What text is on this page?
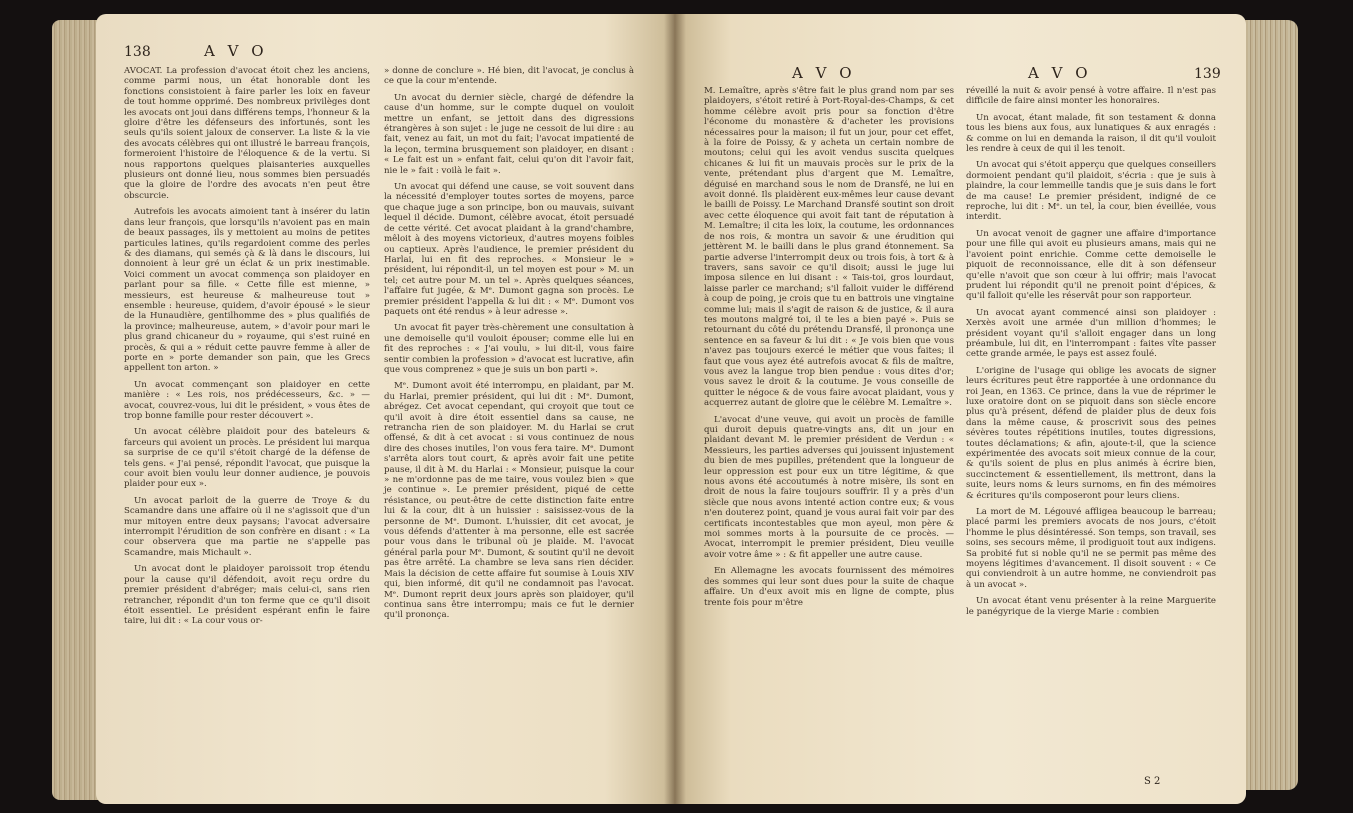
138	A V O

AVOCAT. La profession d'avocat étoit chez les anciens, comme parmi nous, un état honorable dont les fonctions consistoient à faire parler les loix en faveur de tout homme opprimé. Des nombreux privilèges dont les avocats ont joui dans différens temps, l'honneur & la gloire d'être les défenseurs des infortunés, sont les seuls qu'ils soient jaloux de conserver. La liste & la vie des avocats célèbres qui ont illustré le barreau françois, formeroient l'histoire de l'éloquence & de la vertu. Si nous rapportons quelques plaisanteries auxquelles plusieurs ont donné lieu, nous sommes bien persuadés que la gloire de l'ordre des avocats n'en peut être obscurcie.

Autrefois les avocats aimoient tant à insérer du latin dans leur françois, que lorsqu'ils n'avoient pas en main de beaux passages, ils y mettoient au moins de petites particules latines, qu'ils regardoient comme des perles & des diamans, qui semés çà & là dans le discours, lui donnoient à leur gré un éclat & un prix inestimable. Voici comment un avocat commença son plaidoyer en parlant pour sa fille. « Cette fille est mienne, » messieurs, est heureuse & malheureuse tout » ensemble : heureuse, quidem, d'avoir épousé » le sieur de la Hunaudière, gentilhomme des » plus qualifiés de la province; malheureuse, autem, » d'avoir pour mari le plus grand chicaneur du » royaume, qui s'est ruiné en procès, & qui a » réduit cette pauvre femme à aller de porte en » porte demander son pain, que les Grecs appellent ton arton. »

Un avocat commençant son plaidoyer en cette manière : « Les rois, nos prédécesseurs, &c. » — avocat, couvrez-vous, lui dit le président, » vous êtes de trop bonne famille pour rester découvert ».

Un avocat célèbre plaidoit pour des bateleurs & farceurs qui avoient un procès. Le président lui marqua sa surprise de ce qu'il s'étoit chargé de la défense de tels gens. « J'ai pensé, répondit l'avocat, que puisque la cour avoit bien voulu leur donner audience, je pouvois plaider pour eux ».

Un avocat parloit de la guerre de Troye & du Scamandre dans une affaire où il ne s'agissoit que d'un mur mitoyen entre deux paysans; l'avocat adversaire interrompit l'érudition de son confrère en disant : « La cour observera que ma partie ne s'appelle pas Scamandre, mais Michault ».

Un avocat dont le plaidoyer paroissoit trop étendu pour la cause qu'il défendoit, avoit reçu ordre du premier président d'abréger; mais celui-ci, sans rien retrancher, répondit d'un ton ferme que ce qu'il disoit étoit essentiel. Le président espérant enfin le faire taire, lui dit : « La cour vous or-

» donne de conclure ». Hé bien, dit l'avocat, je conclus à ce que la cour m'entende.

Un avocat du dernier siècle, chargé de défendre la cause d'un homme, sur le compte duquel on vouloit mettre un enfant, se jettoit dans des digressions étrangères à son sujet : le juge ne cessoit de lui dire : au fait, venez au fait, un mot du fait; l'avocat impatienté de la leçon, termina brusquement son plaidoyer, en disant : « Le fait est un » enfant fait, celui qu'on dit l'avoir fait, nie le » fait : voilà le fait ».

Un avocat qui défend une cause, se voit souvent dans la nécessité d'employer toutes sortes de moyens, parce que chaque juge a son principe, bon ou mauvais, suivant lequel il décide. Dumont, célèbre avocat, étoit persuadé de cette vérité. Cet avocat plaidant à la grand'chambre, mêloit à des moyens victorieux, d'autres moyens foibles ou captieux. Après l'audience, le premier président du Harlai, lui en fit des reproches. « Monsieur le » président, lui répondit-il, un tel moyen est pour » M. un tel; cet autre pour M. un tel ». Après quelques séances, l'affaire fut jugée, & Mᵉ. Dumont gagna son procès. Le premier président l'appella & lui dit : « Mᵉ. Dumont vos paquets ont été rendus » à leur adresse ».

Un avocat fit payer très-chèrement une consultation à une demoiselle qu'il vouloit épouser; comme elle lui en fit des reproches : « J'ai voulu, » lui dit-il, vous faire sentir combien la profession » d'avocat est lucrative, afin que vous comprenez » que je suis un bon parti ».

Mᵉ. Dumont avoit été interrompu, en plaidant, par M. du Harlai, premier président, qui lui dit : Mᵉ. Dumont, abrégez. Cet avocat cependant, qui croyoit que tout ce qu'il avoit à dire étoit essentiel dans sa cause, ne retrancha rien de son plaidoyer. M. du Harlai se crut offensé, & dit à cet avocat : si vous continuez de nous dire des choses inutiles, l'on vous fera taire. Mᵉ. Dumont s'arrêta alors tout court, & après avoir fait une petite pause, il dit à M. du Harlai : « Monsieur, puisque la cour » ne m'ordonne pas de me taire, vous voulez bien » que je continue ». Le premier président, piqué de cette résistance, ou peut-être de cette distinction faite entre lui & la cour, dit à un huissier : saisissez-vous de la personne de Mᵉ. Dumont. L'huissier, dit cet avocat, je vous défends d'attenter à ma personne, elle est sacrée pour vous dans le tribunal où je plaide. M. l'avocat général parla pour Mᵉ. Dumont, & soutint qu'il ne devoit pas être arrêté. La chambre se leva sans rien décider. Mais la décision de cette affaire fut soumise à Louis XIV qui, bien informé, dit qu'il ne condamnoit pas l'avocat. Mᵉ. Dumont reprit deux jours après son plaidoyer, qu'il continua sans être interrompu; mais ce fut le dernier qu'il prononça.

A V O	A V O	139

M. Lemaître, après s'être fait le plus grand nom par ses plaidoyers, s'étoit retiré à Port-Royal-des-Champs, & cet homme célèbre avoit pris pour sa fonction d'être l'économe du monastère & d'acheter les provisions nécessaires pour la maison; il fut un jour, pour cet effet, à la foire de Poissy, & y acheta un certain nombre de moutons; celui qui les avoit vendus suscita quelques chicanes & lui fit un mauvais procès sur le prix de la vente, prétendant plus d'argent que M. Lemaître, déguisé en marchand sous le nom de Dransfé, ne lui en avoit donné. Ils plaidèrent eux-mêmes leur cause devant le bailli de Poissy. Le Marchand Dransfé soutint son droit avec cette éloquence qui avoit fait tant de réputation à M. Lemaître; il cita les loix, la coutume, les ordonnances de nos rois, & montra un savoir & une érudition qui jettèrent M. le bailli dans le plus grand étonnement. Sa partie adverse l'interrompit deux ou trois fois, à tort & à travers, sans savoir ce qu'il disoit; aussi le juge lui imposa silence en lui disant : « Tais-toi, gros lourdaut, laisse parler ce marchand; s'il falloit vuider le différend à coup de poing, je crois que tu en battrois une vingtaine comme lui; mais il s'agit de raison & de justice, & il aura tes moutons malgré toi, il te les a bien payé ». Puis se retournant du côté du prétendu Dransfé, il prononça une sentence en sa faveur & lui dit : « Je vois bien que vous n'avez pas toujours exercé le métier que vous faites; il faut que vous ayez été autrefois avocat & fils de maître, vous avez la langue trop bien pendue : vous dites d'or; vous savez le droit & la coutume. Je vous conseille de quitter le négoce & de vous faire avocat plaidant, vous y acquerrez autant de gloire que le célèbre M. Lemaître ».

L'avocat d'une veuve, qui avoit un procès de famille qui duroit depuis quatre-vingts ans, dit un jour en plaidant devant M. le premier président de Verdun : « Messieurs, les parties adverses qui jouissent injustement du bien de mes pupilles, prétendent que la longueur de leur oppression est pour eux un titre légitime, & que nous avons été accoutumés à notre misère, ils sont en droit de nous la faire toujours souffrir. Il y a près d'un siècle que nous avons intenté action contre eux; & vous n'en douterez point, quand je vous aurai fait voir par des certificats incontestables que mon ayeul, mon père & moi sommes morts à la poursuite de ce procès. — Avocat, interrompit le premier président, Dieu veuille avoir votre âme » : & fit appeller une autre cause.

En Allemagne les avocats fournissent des mémoires des sommes qui leur sont dues pour la suite de chaque affaire. Un d'eux avoit mis en ligne de compte, plus trente fois pour m'être

réveillé la nuit & avoir pensé à votre affaire. Il n'est pas difficile de faire ainsi monter les honoraires.

Un avocat, étant malade, fit son testament & donna tous les biens aux fous, aux lunatiques & aux enragés : & comme on lui en demanda la raison, il dit qu'il vouloit les rendre à ceux de qui il les tenoit.

Un avocat qui s'étoit apperçu que quelques conseillers dormoient pendant qu'il plaidoit, s'écria : que je suis à plaindre, la cour lemmeille tandis que je suis dans le fort de ma cause! Le premier président, indigné de ce reproche, lui dit : Mᵉ. un tel, la cour, bien éveillée, vous interdit.

Un avocat venoit de gagner une affaire d'importance pour une fille qui avoit eu plusieurs amans, mais qui ne l'avoient point enrichie. Comme cette demoiselle le piquoit de reconnoissance, elle dit à son défenseur qu'elle n'avoit que son cœur à lui offrir; mais l'avocat prudent lui répondit qu'il ne prenoit point d'épices, & qu'il falloit qu'elle les réservât pour son rapporteur.

Un avocat ayant commencé ainsi son plaidoyer : Xerxès avoit une armée d'un million d'hommes; le président voyant qu'il s'alloit engager dans un long préambule, lui dit, en l'interrompant : faites vîte passer cette grande armée, le pays est assez foulé.

L'origine de l'usage qui oblige les avocats de signer leurs écritures peut être rapportée à une ordonnance du roi Jean, en 1363. Ce prince, dans la vue de réprimer le luxe oratoire dont on se piquoit dans son siècle encore plus qu'à présent, défend de plaider plus de deux fois dans la même cause, & proscrivit sous des peines sévères toutes répétitions inutiles, toutes digressions, toutes déclamations; & afin, ajoute-t-il, que la science expérimentée des avocats soit mieux connue de la cour, & qu'ils soient de plus en plus animés à écrire bien, succinctement & essentiellement, ils mettront, dans la suite, leurs noms & leurs surnoms, en fin des mémoires & écritures qu'ils composeront pour leurs cliens.

La mort de M. Légouvé affligea beaucoup le barreau; placé parmi les premiers avocats de nos jours, c'étoit l'homme le plus désintéressé. Son temps, son travail, ses soins, ses secours même, il prodiguoit tout aux indigens. Sa probité fut si noble qu'il ne se permit pas même des moyens légitimes d'avancement. Il disoit souvent : « Ce qui conviendroit à un autre homme, ne conviendroit pas à un avocat ».

Un avocat étant venu présenter à la reine Marguerite le panégyrique de la vierge Marie : combien

S 2
